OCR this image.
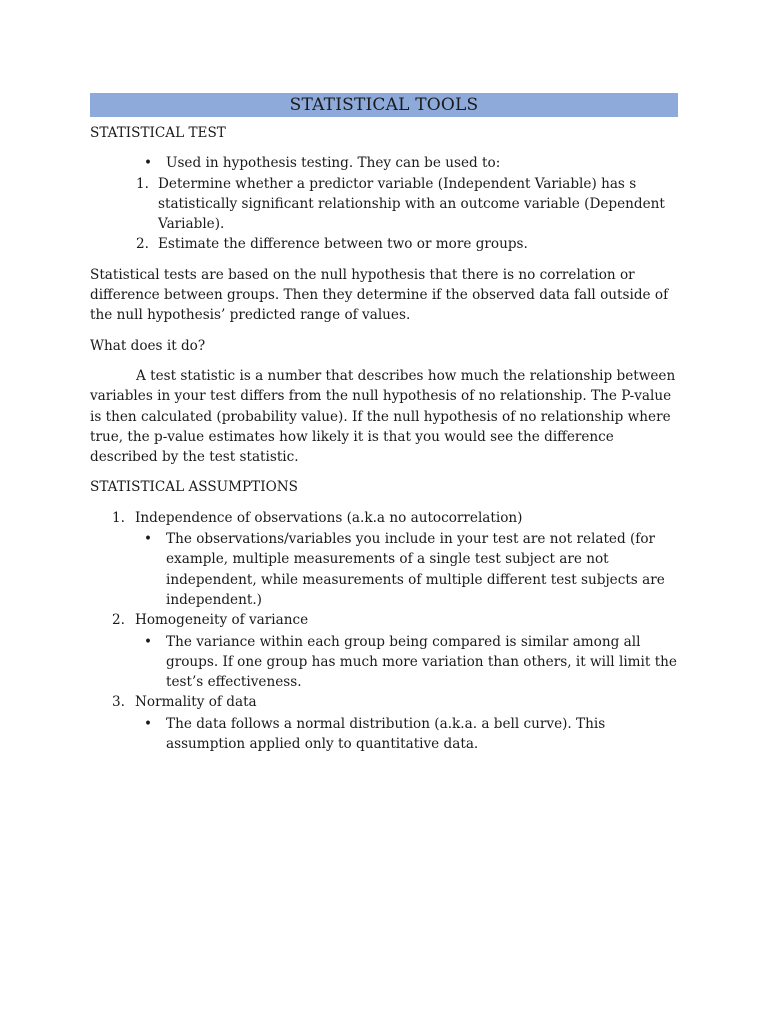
STATISTICAL TOOLS
STATISTICAL TEST
• Used in hypothesis testing. They can be used to:
1. Determine whether a predictor variable (Independent Variable) has s statistically significant relationship with an outcome variable (Dependent Variable).
2. Estimate the difference between two or more groups.

Statistical tests are based on the null hypothesis that there is no correlation or difference between groups. Then they determine if the observed data fall outside of the null hypothesis’ predicted range of values.

What does it do?

A test statistic is a number that describes how much the relationship between variables in your test differs from the null hypothesis of no relationship. The P-value is then calculated (probability value). If the null hypothesis of no relationship where true, the p-value estimates how likely it is that you would see the difference described by the test statistic.

STATISTICAL ASSUMPTIONS
1. Independence of observations (a.k.a no autocorrelation)
• The observations/variables you include in your test are not related (for example, multiple measurements of a single test subject are not independent, while measurements of multiple different test subjects are independent.)
2. Homogeneity of variance
• The variance within each group being compared is similar among all groups. If one group has much more variation than others, it will limit the test’s effectiveness.
3. Normality of data
• The data follows a normal distribution (a.k.a. a bell curve). This assumption applied only to quantitative data.
